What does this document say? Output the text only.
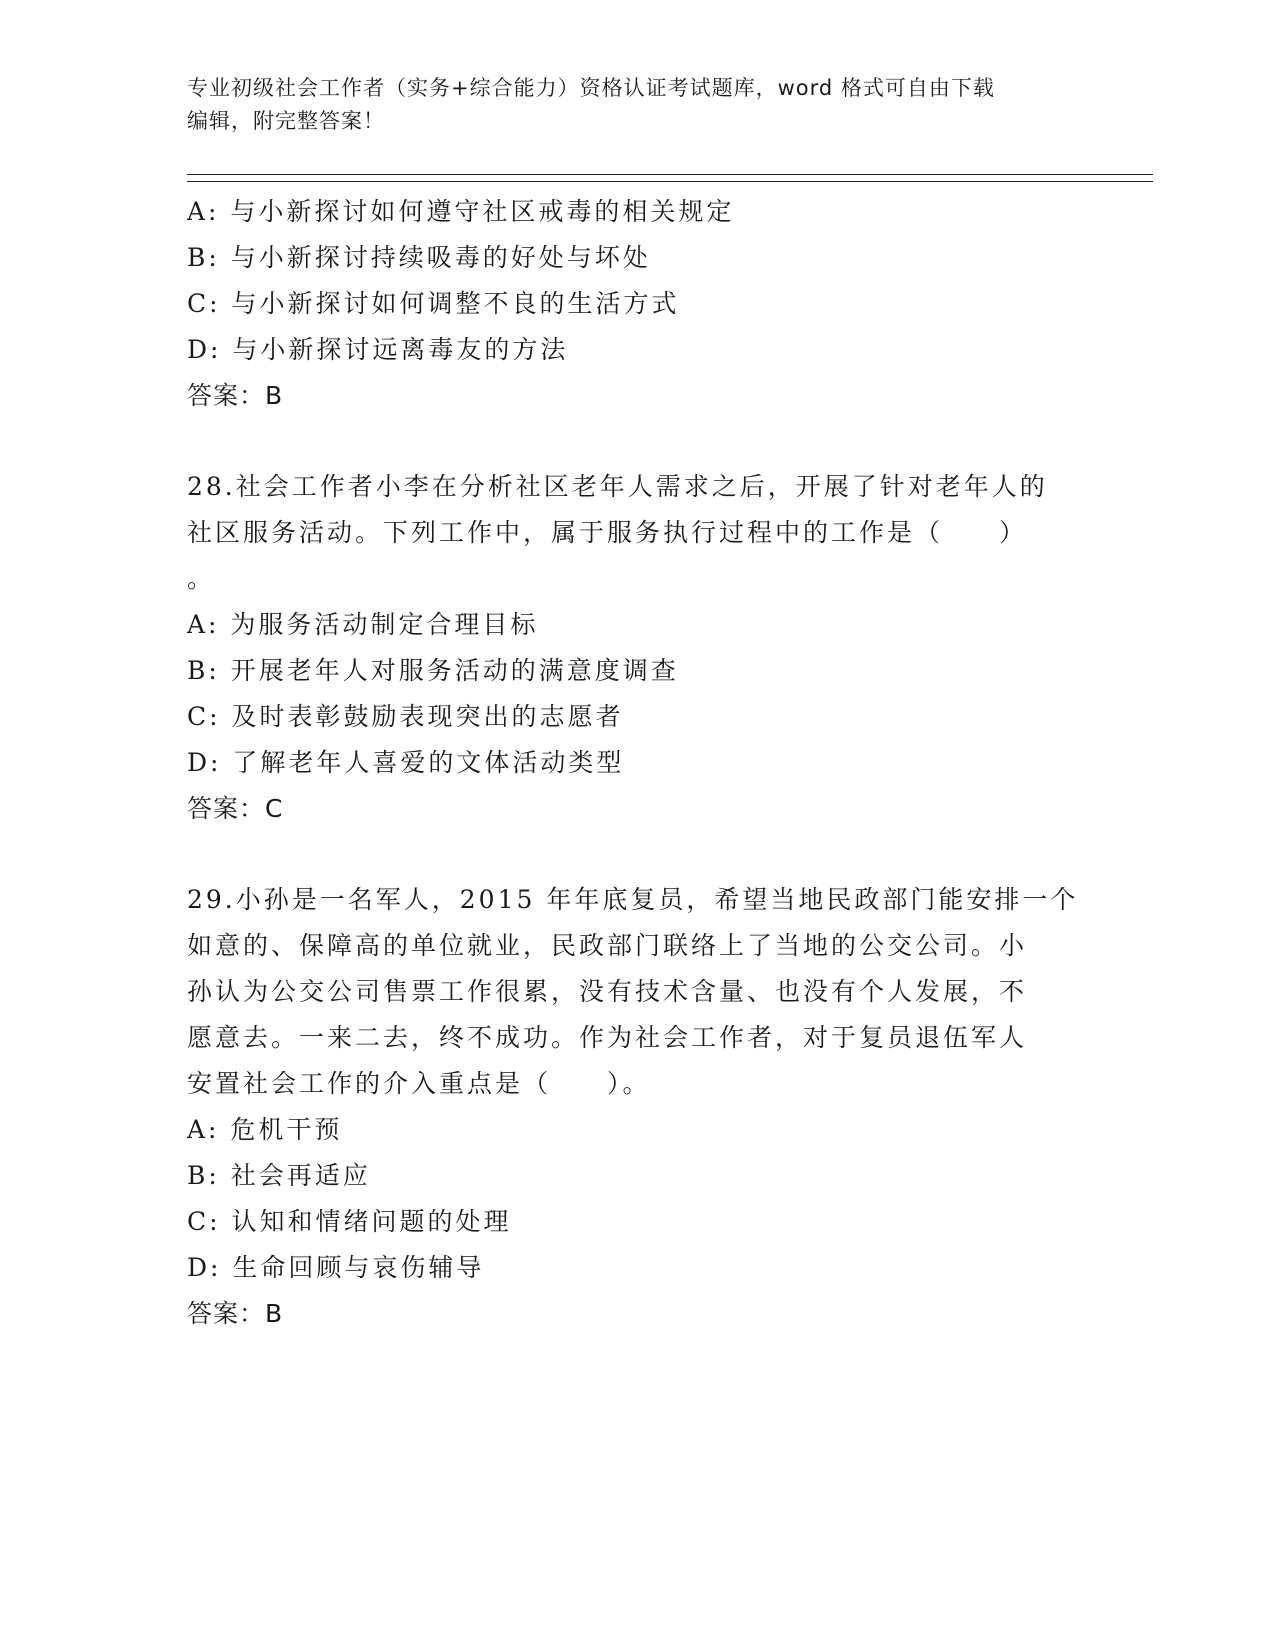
专业初级社会工作者（实务+综合能力）资格认证考试题库，word 格式可自由下载
编辑，附完整答案！
A: 与小新探讨如何遵守社区戒毒的相关规定
B: 与小新探讨持续吸毒的好处与坏处
C: 与小新探讨如何调整不良的生活方式
D: 与小新探讨远离毒友的方法
答案：B
28.社会工作者小李在分析社区老年人需求之后，开展了针对老年人的
社区服务活动。下列工作中，属于服务执行过程中的工作是（　　）
。
A: 为服务活动制定合理目标
B: 开展老年人对服务活动的满意度调查
C: 及时表彰鼓励表现突出的志愿者
D: 了解老年人喜爱的文体活动类型
答案：C
29.小孙是一名军人，2015 年年底复员，希望当地民政部门能安排一个
如意的、保障高的单位就业，民政部门联络上了当地的公交公司。小
孙认为公交公司售票工作很累，没有技术含量、也没有个人发展，不
愿意去。一来二去，终不成功。作为社会工作者，对于复员退伍军人
安置社会工作的介入重点是（　　）。
A: 危机干预
B: 社会再适应
C: 认知和情绪问题的处理
D: 生命回顾与哀伤辅导
答案：B
